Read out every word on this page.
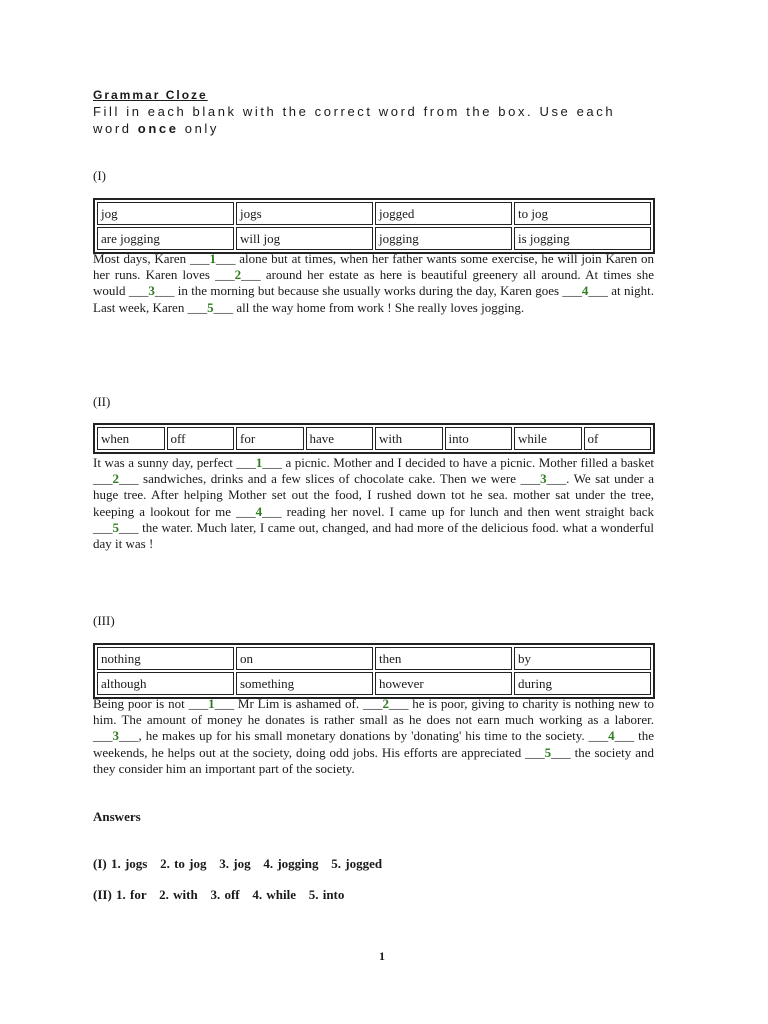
Grammar Cloze
Fill in each blank with the correct word from the box. Use each word once only
(I)
jog	jogs	jogged	to jog
are jogging	will jog	jogging	is jogging
Most days, Karen ___1___ alone but at times, when her father wants some exercise, he will join Karen on her runs. Karen loves ___2___ around her estate as here is beautiful greenery all around. At times she would ___3___ in the morning but because she usually works during the day, Karen goes ___4___ at night. Last week, Karen ___5___ all the way home from work ! She really loves jogging.
(II)
when	off	for	have	with	into	while	of
It was a sunny day, perfect ___1___ a picnic. Mother and I decided to have a picnic. Mother filled a basket ___2___ sandwiches, drinks and a few slices of chocolate cake. Then we were ___3___. We sat under a huge tree. After helping Mother set out the food, I rushed down tot he sea. mother sat under the tree, keeping a lookout for me ___4___ reading her novel. I came up for lunch and then went straight back ___5___ the water. Much later, I came out, changed, and had more of the delicious food. what a wonderful day it was !
(III)
nothing	on	then	by
although	something	however	during
Being poor is not ___1___ Mr Lim is ashamed of. ___2___ he is poor, giving to charity is nothing new to him. The amount of money he donates is rather small as he does not earn much working as a laborer. ___3___, he makes up for his small monetary donations by 'donating' his time to the society. ___4___ the weekends, he helps out at the society, doing odd jobs. His efforts are appreciated ___5___ the society and they consider him an important part of the society.
Answers
(I) 1. jogs   2. to jog   3. jog   4. jogging   5. jogged
(II) 1. for   2. with   3. off   4. while   5. into
1
